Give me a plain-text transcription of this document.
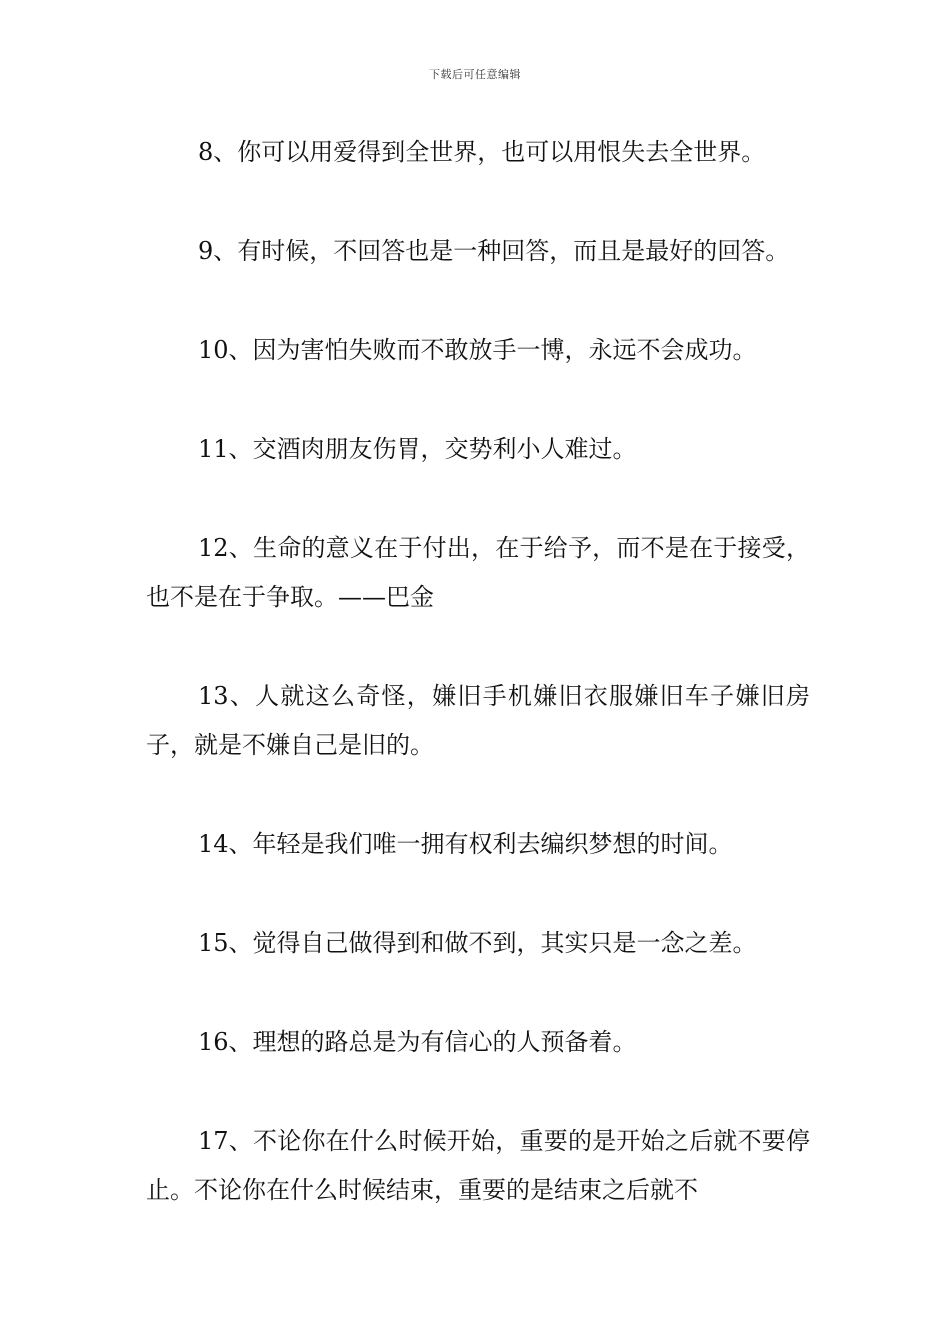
下载后可任意编辑

8、你可以用爱得到全世界，也可以用恨失去全世界。

9、有时候，不回答也是一种回答，而且是最好的回答。

10、因为害怕失败而不敢放手一博，永远不会成功。

11、交酒肉朋友伤胃，交势利小人难过。

12、生命的意义在于付出，在于给予，而不是在于接受，也不是在于争取。——巴金

13、人就这么奇怪，嫌旧手机嫌旧衣服嫌旧车子嫌旧房子，就是不嫌自己是旧的。

14、年轻是我们唯一拥有权利去编织梦想的时间。

15、觉得自己做得到和做不到，其实只是一念之差。

16、理想的路总是为有信心的人预备着。

17、不论你在什么时候开始，重要的是开始之后就不要停止。不论你在什么时候结束，重要的是结束之后就不
